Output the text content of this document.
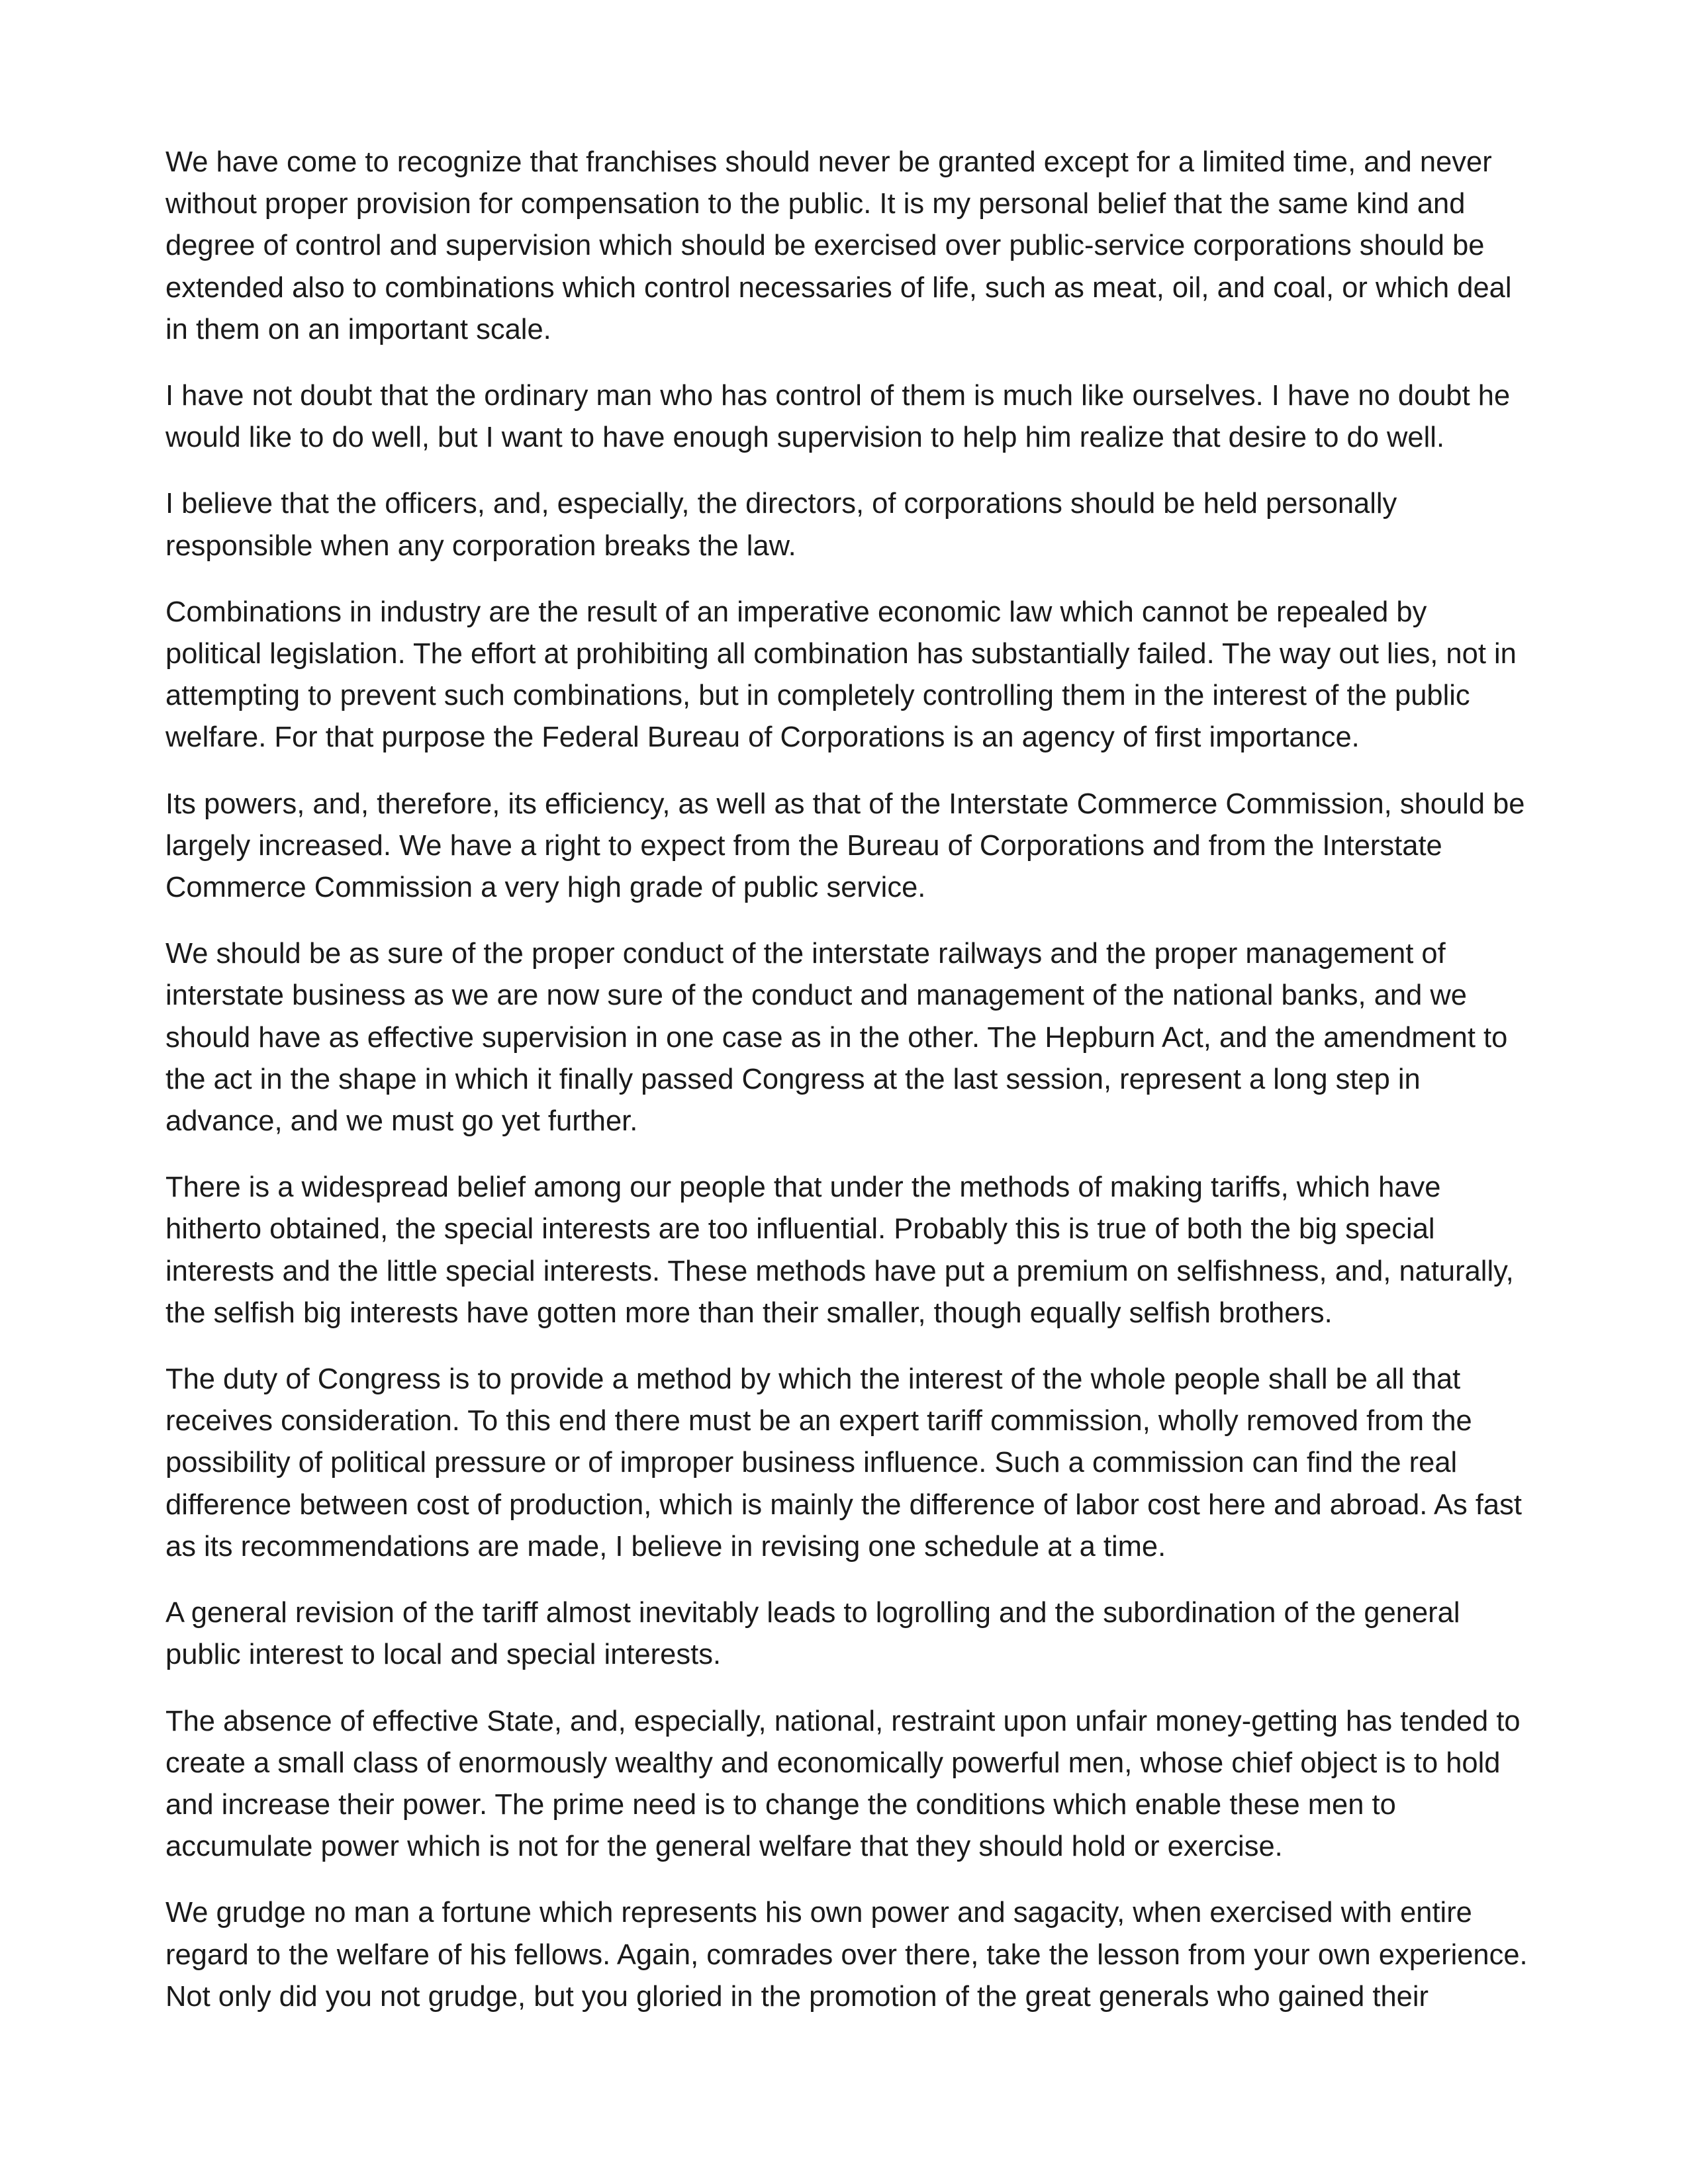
We have come to recognize that franchises should never be granted except for a limited time, and never without proper provision for compensation to the public. It is my personal belief that the same kind and degree of control and supervision which should be exercised over public-service corporations should be extended also to combinations which control necessaries of life, such as meat, oil, and coal, or which deal in them on an important scale.

I have not doubt that the ordinary man who has control of them is much like ourselves. I have no doubt he would like to do well, but I want to have enough supervision to help him realize that desire to do well.

I believe that the officers, and, especially, the directors, of corporations should be held personally responsible when any corporation breaks the law.

Combinations in industry are the result of an imperative economic law which cannot be repealed by political legislation. The effort at prohibiting all combination has substantially failed. The way out lies, not in attempting to prevent such combinations, but in completely controlling them in the interest of the public welfare. For that purpose the Federal Bureau of Corporations is an agency of first importance.

Its powers, and, therefore, its efficiency, as well as that of the Interstate Commerce Commission, should be largely increased. We have a right to expect from the Bureau of Corporations and from the Interstate Commerce Commission a very high grade of public service.

We should be as sure of the proper conduct of the interstate railways and the proper management of interstate business as we are now sure of the conduct and management of the national banks, and we should have as effective supervision in one case as in the other. The Hepburn Act, and the amendment to the act in the shape in which it finally passed Congress at the last session, represent a long step in advance, and we must go yet further.

There is a widespread belief among our people that under the methods of making tariffs, which have hitherto obtained, the special interests are too influential. Probably this is true of both the big special interests and the little special interests. These methods have put a premium on selfishness, and, naturally, the selfish big interests have gotten more than their smaller, though equally selfish brothers.

The duty of Congress is to provide a method by which the interest of the whole people shall be all that receives consideration. To this end there must be an expert tariff commission, wholly removed from the possibility of political pressure or of improper business influence. Such a commission can find the real difference between cost of production, which is mainly the difference of labor cost here and abroad. As fast as its recommendations are made, I believe in revising one schedule at a time.

A general revision of the tariff almost inevitably leads to logrolling and the subordination of the general public interest to local and special interests.

The absence of effective State, and, especially, national, restraint upon unfair money-getting has tended to create a small class of enormously wealthy and economically powerful men, whose chief object is to hold and increase their power. The prime need is to change the conditions which enable these men to accumulate power which is not for the general welfare that they should hold or exercise.

We grudge no man a fortune which represents his own power and sagacity, when exercised with entire regard to the welfare of his fellows. Again, comrades over there, take the lesson from your own experience. Not only did you not grudge, but you gloried in the promotion of the great generals who gained their
